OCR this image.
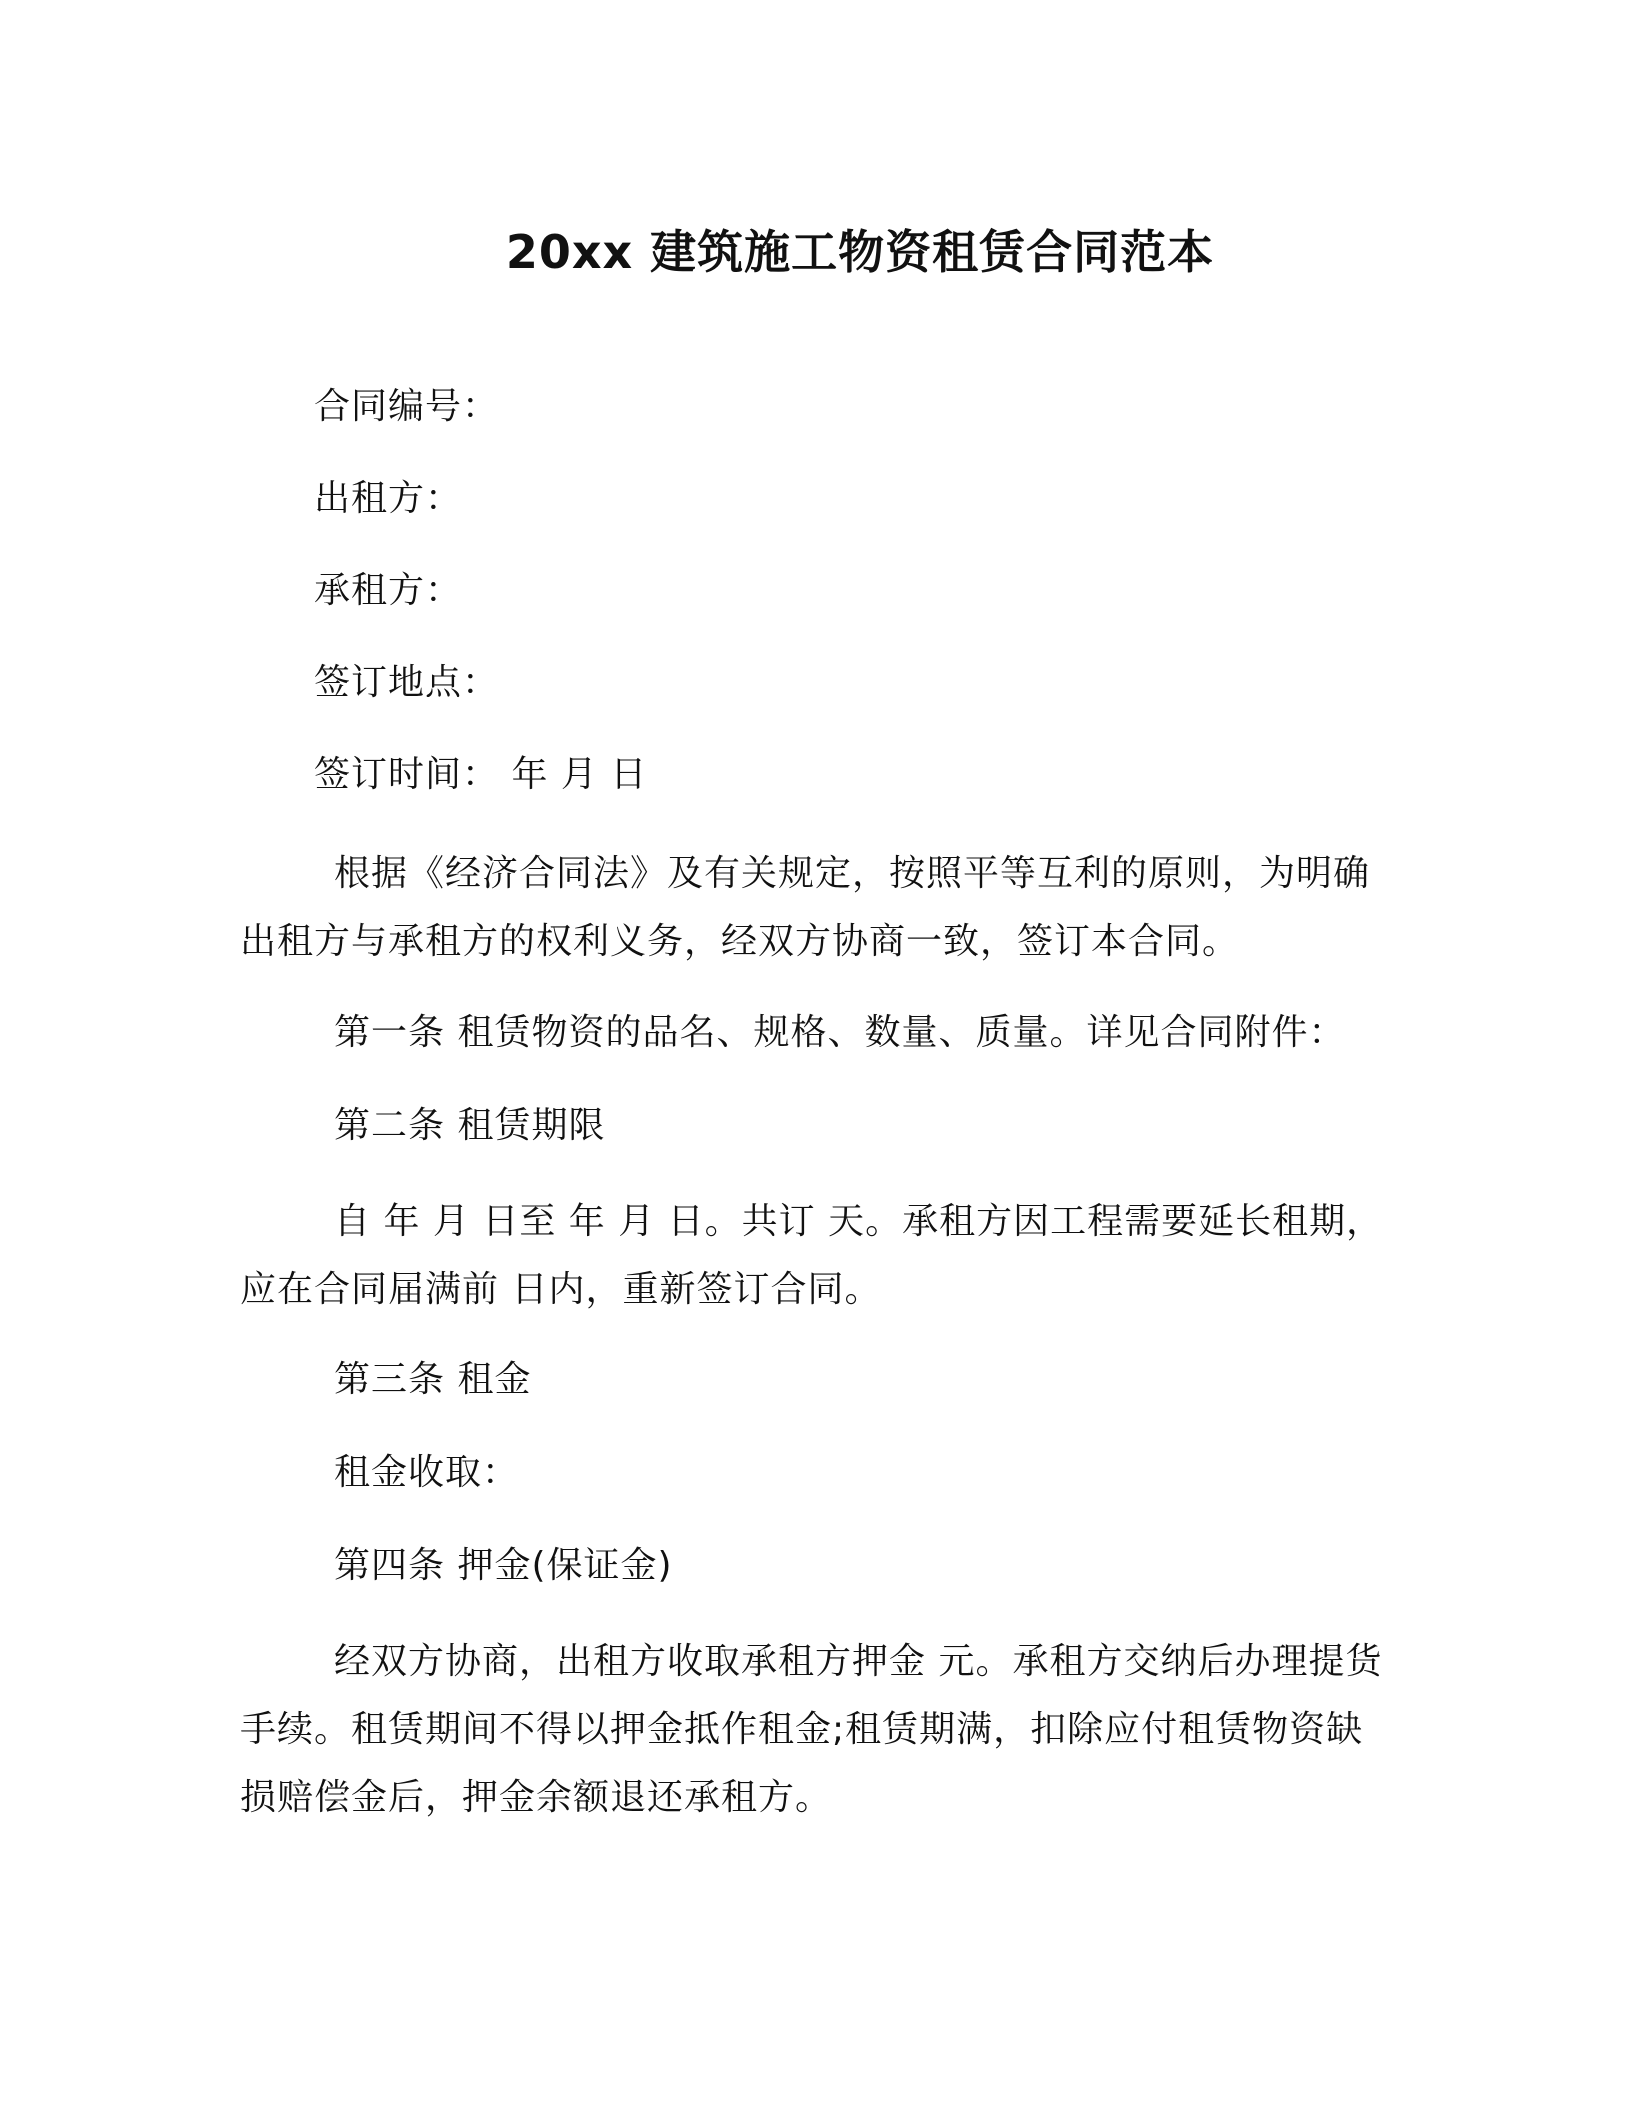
20xx 建筑施工物资租赁合同范本
合同编号：
出租方：
承租方：
签订地点：
签订时间： 年 月 日
根据《经济合同法》及有关规定，按照平等互利的原则，为明确
出租方与承租方的权利义务，经双方协商一致，签订本合同。
第一条 租赁物资的品名、规格、数量、质量。详见合同附件：
第二条 租赁期限
自 年 月 日至 年 月 日。共订 天。承租方因工程需要延长租期，
应在合同届满前 日内，重新签订合同。
第三条 租金
租金收取：
第四条 押金(保证金)
经双方协商，出租方收取承租方押金 元。承租方交纳后办理提货
手续。租赁期间不得以押金抵作租金;租赁期满，扣除应付租赁物资缺
损赔偿金后，押金余额退还承租方。
